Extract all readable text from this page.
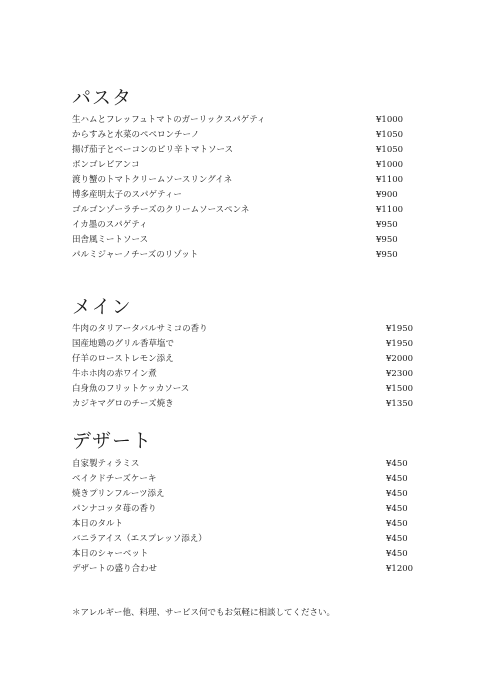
パスタ
生ハムとフレッフュトマトのガーリックスパゲティ	¥1000
からすみと水菜のペペロンチーノ	¥1050
揚げ茄子とベーコンのピリ辛トマトソース	¥1050
ボンゴレビアンコ	¥1000
渡り蟹のトマトクリームソースリングイネ	¥1100
博多産明太子のスパゲティー	¥900
ゴルゴンゾーラチーズのクリームソースペンネ	¥1100
イカ墨のスパゲティ	¥950
田舎風ミートソース	¥950
パルミジャーノチーズのリゾット	¥950
メイン
牛肉のタリアータバルサミコの香り	¥1950
国産地鶏のグリル香草塩で	¥1950
仔羊のローストレモン添え	¥2000
牛ホホ肉の赤ワイン煮	¥2300
白身魚のフリットケッカソース	¥1500
カジキマグロのチーズ焼き	¥1350
デザート
自家製ティラミス	¥450
ベイクドチーズケーキ	¥450
焼きプリンフルーツ添え	¥450
パンナコッタ苺の香り	¥450
本日のタルト	¥450
バニラアイス（エスプレッソ添え）	¥450
本日のシャーベット	¥450
デザートの盛り合わせ	¥1200
＊アレルギー他、料理、サービス何でもお気軽に相談してください。
